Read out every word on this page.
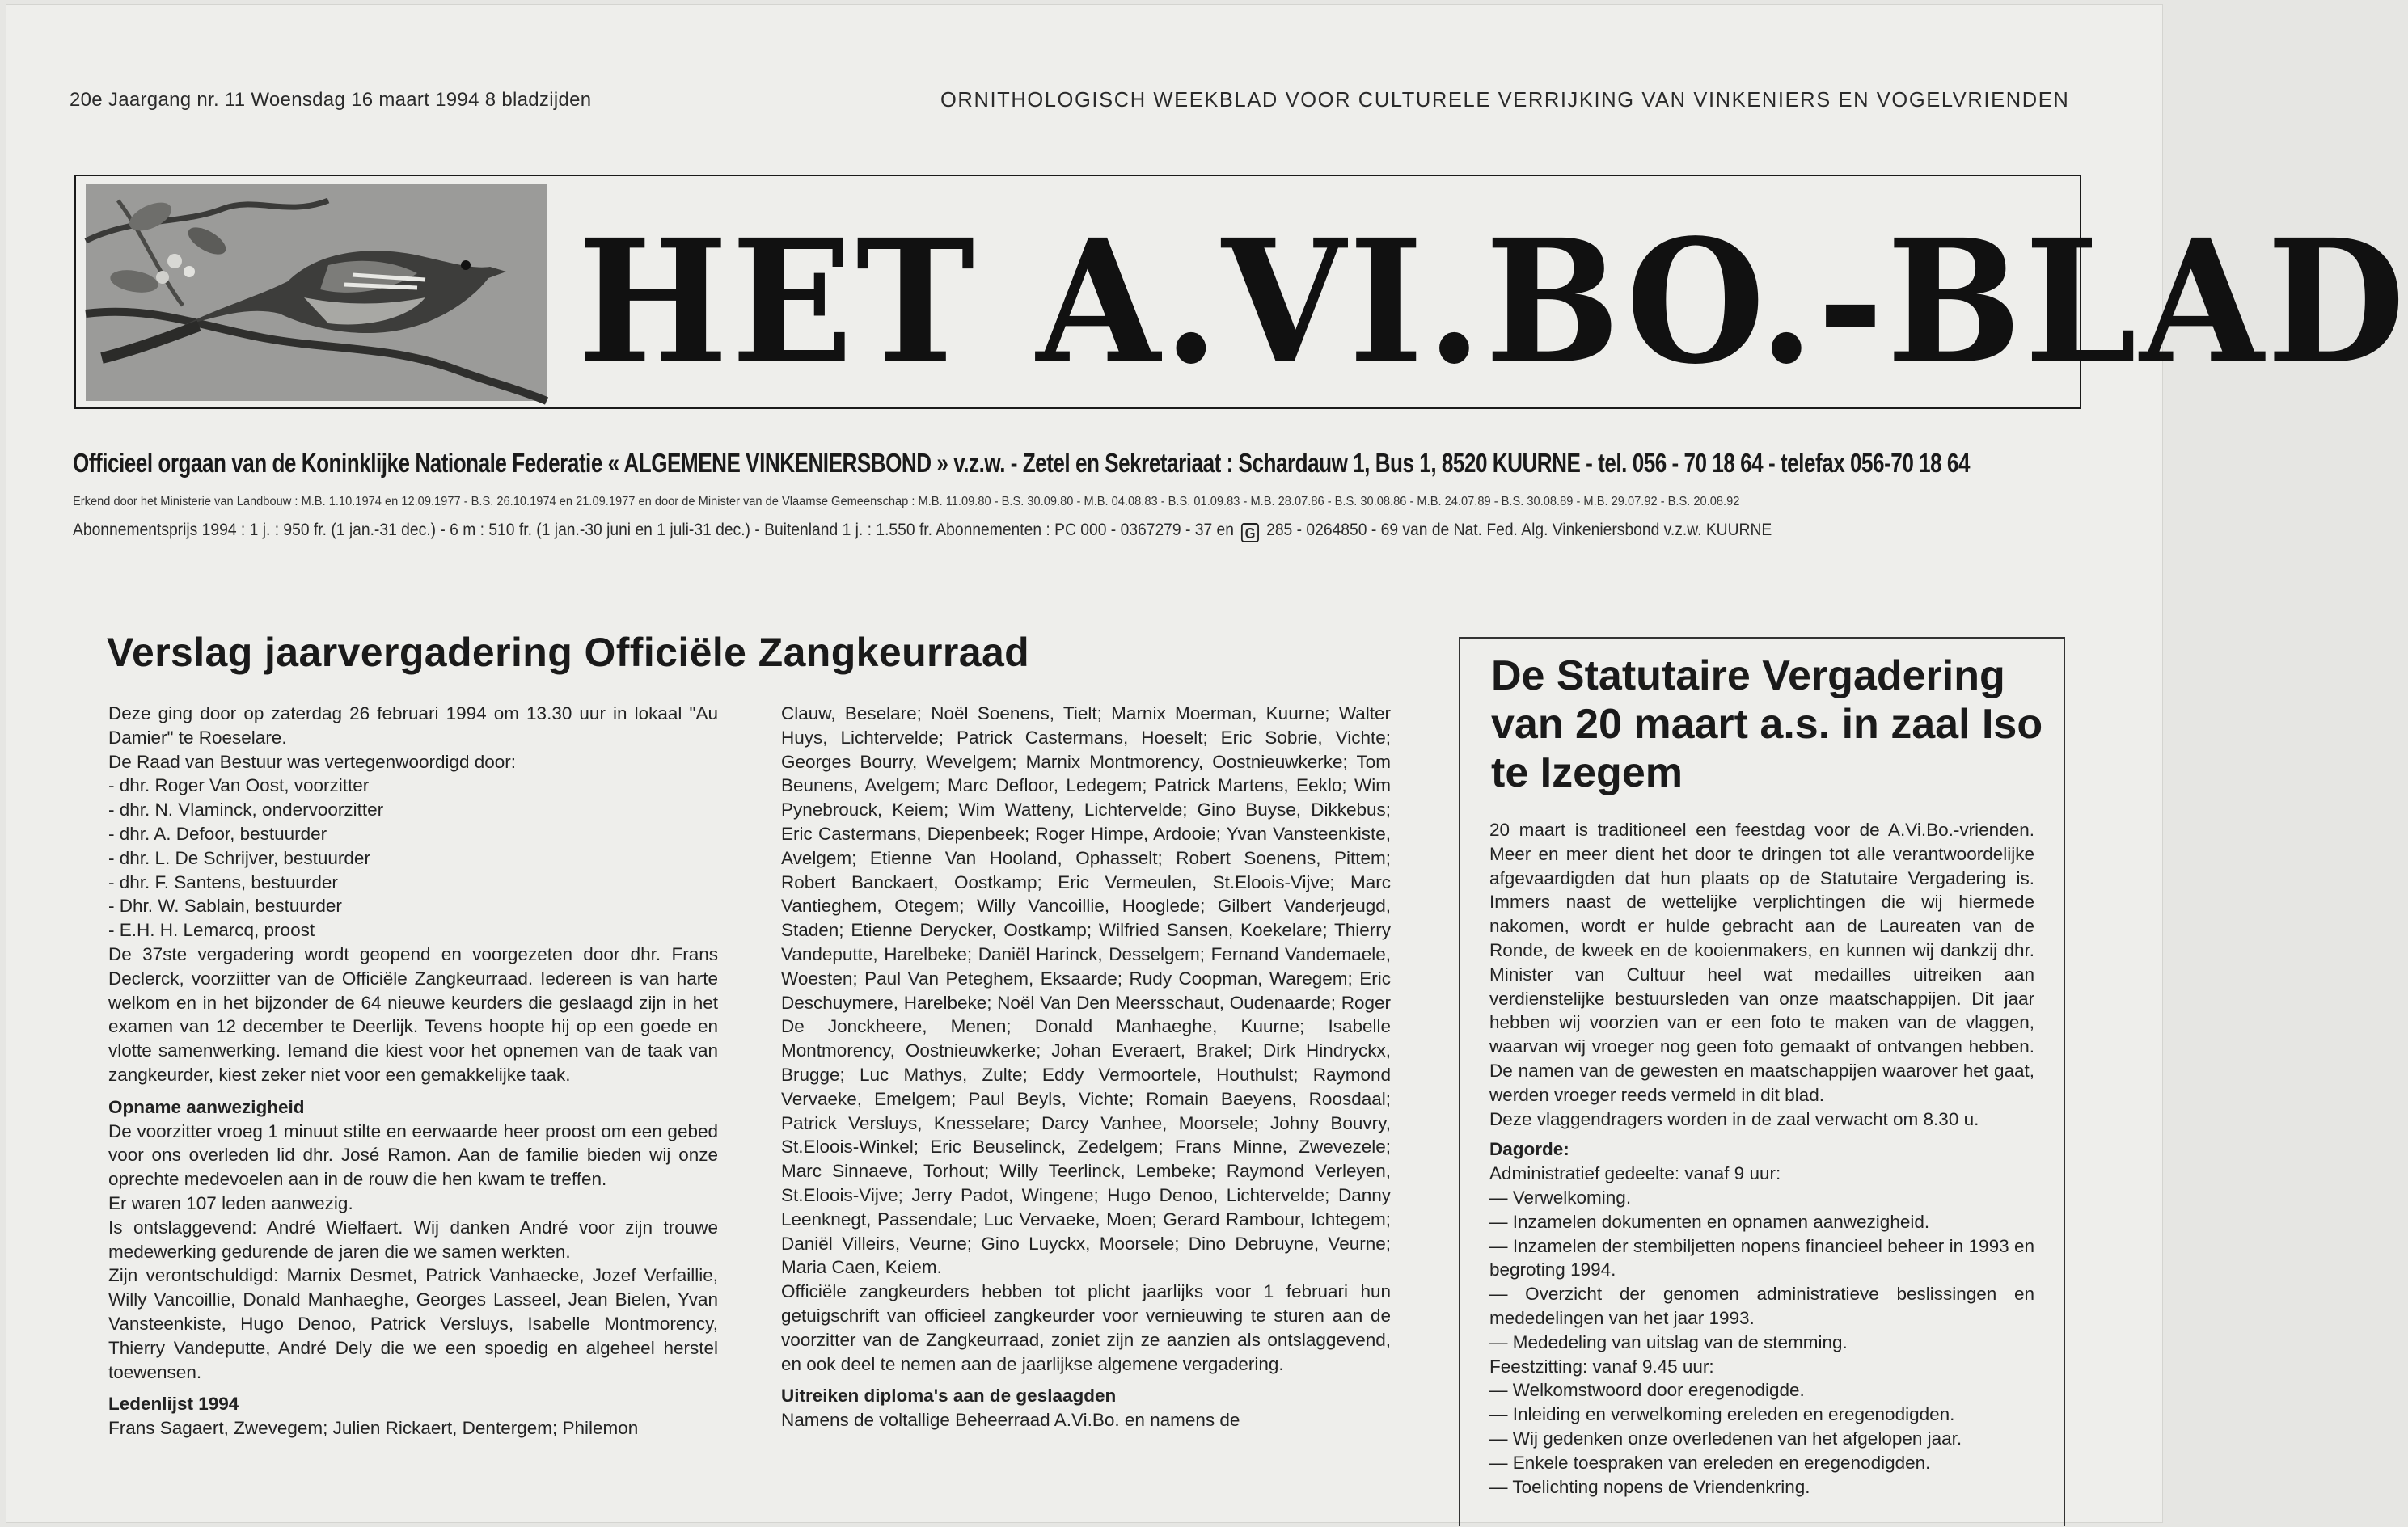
20e Jaargang nr. 11 Woensdag 16 maart 1994 8 bladzijden	ORNITHOLOGISCH WEEKBLAD VOOR CULTURELE VERRIJKING VAN VINKENIERS EN VOGELVRIENDEN
HET A.VI.BO.-BLAD
Officieel orgaan van de Koninklijke Nationale Federatie « ALGEMENE VINKENIERSBOND » v.z.w. - Zetel en Sekretariaat : Schardauw 1, Bus 1, 8520 KUURNE - tel. 056 - 70 18 64 - telefax 056-70 18 64
Erkend door het Ministerie van Landbouw : M.B. 1.10.1974 en 12.09.1977 - B.S. 26.10.1974 en 21.09.1977 en door de Minister van de Vlaamse Gemeenschap : M.B. 11.09.80 - B.S. 30.09.80 - M.B. 04.08.83 - B.S. 01.09.83 - M.B. 28.07.86 - B.S. 30.08.86 - M.B. 24.07.89 - B.S. 30.08.89 - M.B. 29.07.92 - B.S. 20.08.92
Abonnementsprijs 1994 : 1 j. : 950 fr. (1 jan.-31 dec.) - 6 m : 510 fr. (1 jan.-30 juni en 1 juli-31 dec.) - Buitenland 1 j. : 1.550 fr. Abonnementen : PC 000 - 0367279 - 37 en G 285 - 0264850 - 69 van de Nat. Fed. Alg. Vinkeniersbond v.z.w. KUURNE
Verslag jaarvergadering Officiële Zangkeurraad

Deze ging door op zaterdag 26 februari 1994 om 13.30 uur in lokaal "Au Damier" te Roeselare.

De Raad van Bestuur was vertegenwoordigd door:
- dhr. Roger Van Oost, voorzitter
- dhr. N. Vlaminck, ondervoorzitter
- dhr. A. Defoor, bestuurder
- dhr. L. De Schrijver, bestuurder
- dhr. F. Santens, bestuurder
- Dhr. W. Sablain, bestuurder
- E.H. H. Lemarcq, proost

De 37ste vergadering wordt geopend en voorgezeten door dhr. Frans Declerck, voorziitter van de Officiële Zangkeurraad. Iedereen is van harte welkom en in het bijzonder de 64 nieuwe keurders die geslaagd zijn in het examen van 12 december te Deerlijk. Tevens hoopte hij op een goede en vlotte samenwerking. Iemand die kiest voor het opnemen van de taak van zangkeurder, kiest zeker niet voor een gemakkelijke taak.

Opname aanwezigheid

De voorzitter vroeg 1 minuut stilte en eerwaarde heer proost om een gebed voor ons overleden lid dhr. José Ramon. Aan de familie bieden wij onze oprechte medevoelen aan in de rouw die hen kwam te treffen.

Er waren 107 leden aanwezig.

Is ontslaggevend: André Wielfaert. Wij danken André voor zijn trouwe medewerking gedurende de jaren die we samen werkten.

Zijn verontschuldigd: Marnix Desmet, Patrick Vanhaecke, Jozef Verfaillie, Willy Vancoillie, Donald Manhaeghe, Georges Lasseel, Jean Bielen, Yvan Vansteenkiste, Hugo Denoo, Patrick Versluys, Isabelle Montmorency, Thierry Vandeputte, André Dely die we een spoedig en algeheel herstel toewensen.

Ledenlijst 1994

Frans Sagaert, Zwevegem; Julien Rickaert, Dentergem; Philemon

Clauw, Beselare; Noël Soenens, Tielt; Marnix Moerman, Kuurne; Walter Huys, Lichtervelde; Patrick Castermans, Hoeselt; Eric Sobrie, Vichte; Georges Bourry, Wevelgem; Marnix Montmorency, Oostnieuwkerke; Tom Beunens, Avelgem; Marc Defloor, Ledegem; Patrick Martens, Eeklo; Wim Pynebrouck, Keiem; Wim Watteny, Lichtervelde; Gino Buyse, Dikkebus; Eric Castermans, Diepenbeek; Roger Himpe, Ardooie; Yvan Vansteenkiste, Avelgem; Etienne Van Hooland, Ophasselt; Robert Soenens, Pittem; Robert Banckaert, Oostkamp; Eric Vermeulen, St.Eloois-Vijve; Marc Vantieghem, Otegem; Willy Vancoillie, Hooglede; Gilbert Vanderjeugd, Staden; Etienne Derycker, Oostkamp; Wilfried Sansen, Koekelare; Thierry Vandeputte, Harelbeke; Daniël Harinck, Desselgem; Fernand Vandemaele, Woesten; Paul Van Peteghem, Eksaarde; Rudy Coopman, Waregem; Eric Deschuymere, Harelbeke; Noël Van Den Meersschaut, Oudenaarde; Roger De Jonckheere, Menen; Donald Manhaeghe, Kuurne; Isabelle Montmorency, Oostnieuwkerke; Johan Everaert, Brakel; Dirk Hindryckx, Brugge; Luc Mathys, Zulte; Eddy Vermoortele, Houthulst; Raymond Vervaeke, Emelgem; Paul Beyls, Vichte; Romain Baeyens, Roosdaal; Patrick Versluys, Knesselare; Darcy Vanhee, Moorsele; Johny Bouvry, St.Eloois-Winkel; Eric Beuselinck, Zedelgem; Frans Minne, Zwevezele; Marc Sinnaeve, Torhout; Willy Teerlinck, Lembeke; Raymond Verleyen, St.Eloois-Vijve; Jerry Padot, Wingene; Hugo Denoo, Lichtervelde; Danny Leenknegt, Passendale; Luc Vervaeke, Moen; Gerard Rambour, Ichtegem; Daniël Villeirs, Veurne; Gino Luyckx, Moorsele; Dino Debruyne, Veurne; Maria Caen, Keiem.

Officiële zangkeurders hebben tot plicht jaarlijks voor 1 februari hun getuigschrift van officieel zangkeurder voor vernieuwing te sturen aan de voorzitter van de Zangkeurraad, zoniet zijn ze aanzien als ontslaggevend, en ook deel te nemen aan de jaarlijkse algemene vergadering.

Uitreiken diploma's aan de geslaagden

Namens de voltallige Beheerraad A.Vi.Bo. en namens de

De Statutaire Vergadering van 20 maart a.s. in zaal Iso te Izegem

20 maart is traditioneel een feestdag voor de A.Vi.Bo.-vrienden. Meer en meer dient het door te dringen tot alle verantwoordelijke afgevaardigden dat hun plaats op de Statutaire Vergadering is. Immers naast de wettelijke verplichtingen die wij hiermede nakomen, wordt er hulde gebracht aan de Laureaten van de Ronde, de kweek en de kooienmakers, en kunnen wij dankzij dhr. Minister van Cultuur heel wat medailles uitreiken aan verdienstelijke bestuursleden van onze maatschappijen. Dit jaar hebben wij voorzien van er een foto te maken van de vlaggen, waarvan wij vroeger nog geen foto gemaakt of ontvangen hebben. De namen van de gewesten en maatschappijen waarover het gaat, werden vroeger reeds vermeld in dit blad.

Deze vlaggendragers worden in de zaal verwacht om 8.30 u.

Dagorde:

Administratief gedeelte: vanaf 9 uur:

— Verwelkoming.

— Inzamelen dokumenten en opnamen aanwezigheid.

— Inzamelen der stembiljetten nopens financieel beheer in 1993 en begroting 1994.

— Overzicht der genomen administratieve beslissingen en mededelingen van het jaar 1993.

— Mededeling van uitslag van de stemming.

Feestzitting: vanaf 9.45 uur:

— Welkomstwoord door eregenodigde.

— Inleiding en verwelkoming ereleden en eregenodigden.

— Wij gedenken onze overledenen van het afgelopen jaar.

— Enkele toespraken van ereleden en eregenodigden.

— Toelichting nopens de Vriendenkring.
